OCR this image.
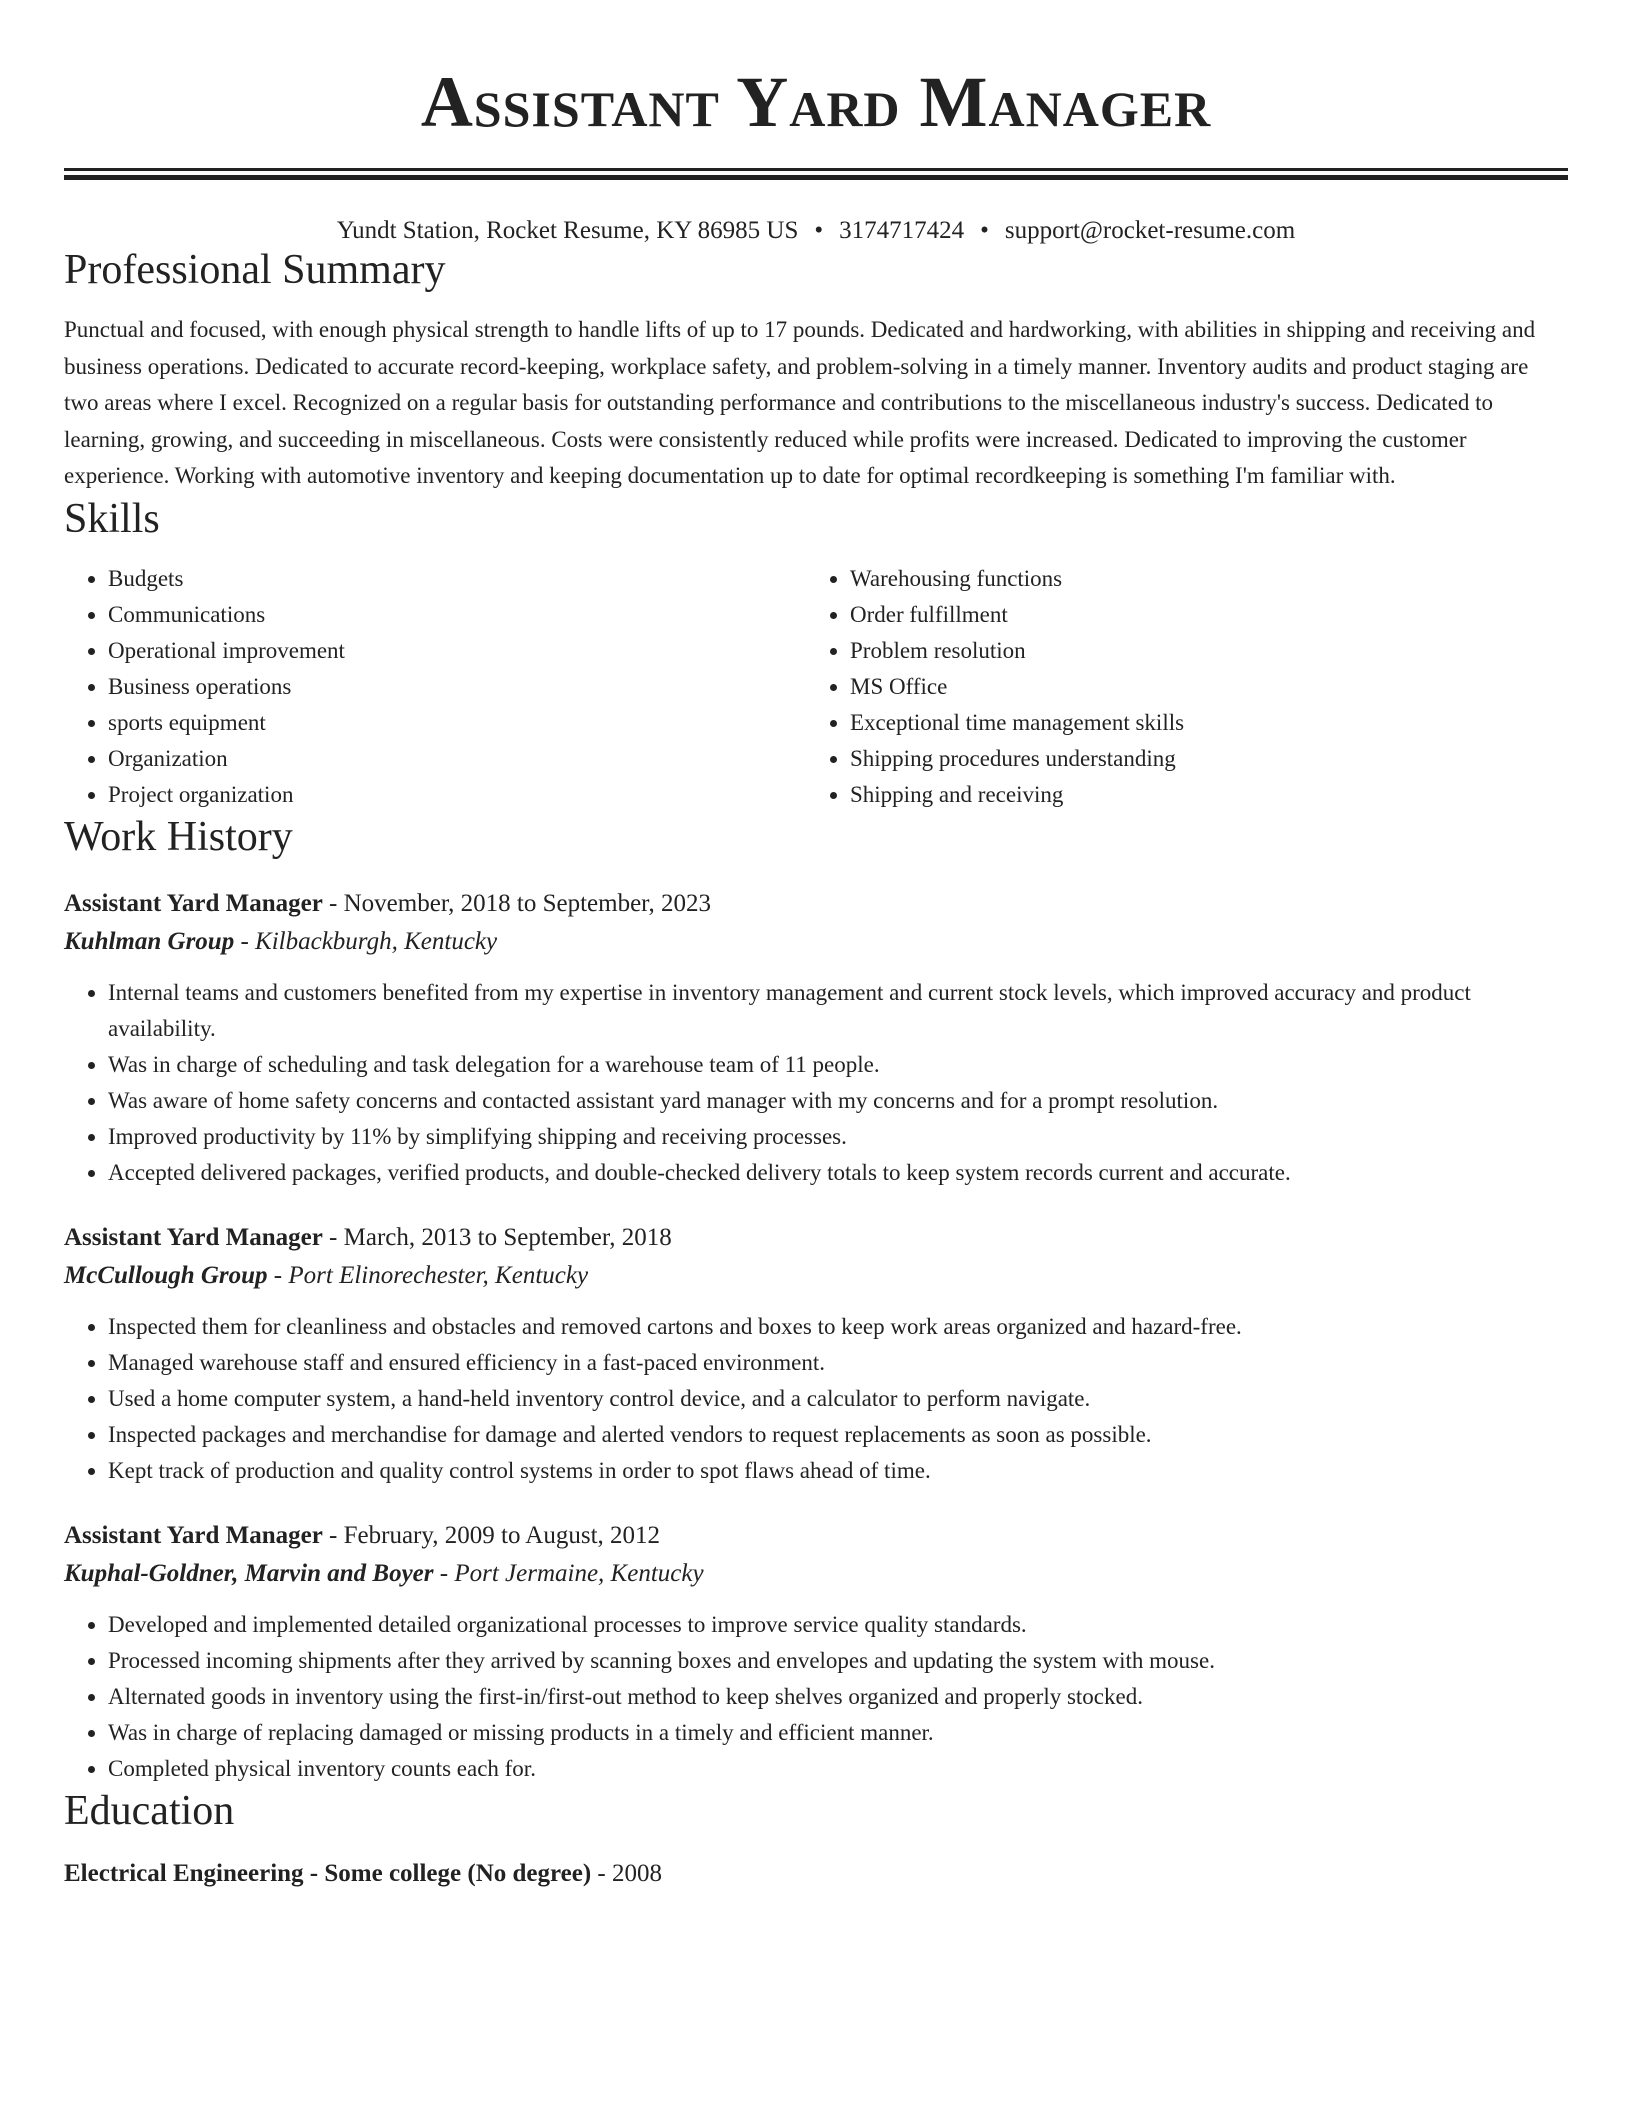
Assistant Yard Manager
Yundt Station, Rocket Resume, KY 86985 US • 3174717424 • support@rocket-resume.com
Professional Summary
Punctual and focused, with enough physical strength to handle lifts of up to 17 pounds. Dedicated and hardworking, with abilities in shipping and receiving and business operations. Dedicated to accurate record-keeping, workplace safety, and problem-solving in a timely manner. Inventory audits and product staging are two areas where I excel. Recognized on a regular basis for outstanding performance and contributions to the miscellaneous industry's success. Dedicated to learning, growing, and succeeding in miscellaneous. Costs were consistently reduced while profits were increased. Dedicated to improving the customer experience. Working with automotive inventory and keeping documentation up to date for optimal recordkeeping is something I'm familiar with.
Skills
• Budgets
• Communications
• Operational improvement
• Business operations
• sports equipment
• Organization
• Project organization
• Warehousing functions
• Order fulfillment
• Problem resolution
• MS Office
• Exceptional time management skills
• Shipping procedures understanding
• Shipping and receiving
Work History
Assistant Yard Manager - November, 2018 to September, 2023
Kuhlman Group - Kilbackburgh, Kentucky
• Internal teams and customers benefited from my expertise in inventory management and current stock levels, which improved accuracy and product availability.
• Was in charge of scheduling and task delegation for a warehouse team of 11 people.
• Was aware of home safety concerns and contacted assistant yard manager with my concerns and for a prompt resolution.
• Improved productivity by 11% by simplifying shipping and receiving processes.
• Accepted delivered packages, verified products, and double-checked delivery totals to keep system records current and accurate.
Assistant Yard Manager - March, 2013 to September, 2018
McCullough Group - Port Elinorechester, Kentucky
• Inspected them for cleanliness and obstacles and removed cartons and boxes to keep work areas organized and hazard-free.
• Managed warehouse staff and ensured efficiency in a fast-paced environment.
• Used a home computer system, a hand-held inventory control device, and a calculator to perform navigate.
• Inspected packages and merchandise for damage and alerted vendors to request replacements as soon as possible.
• Kept track of production and quality control systems in order to spot flaws ahead of time.
Assistant Yard Manager - February, 2009 to August, 2012
Kuphal-Goldner, Marvin and Boyer - Port Jermaine, Kentucky
• Developed and implemented detailed organizational processes to improve service quality standards.
• Processed incoming shipments after they arrived by scanning boxes and envelopes and updating the system with mouse.
• Alternated goods in inventory using the first-in/first-out method to keep shelves organized and properly stocked.
• Was in charge of replacing damaged or missing products in a timely and efficient manner.
• Completed physical inventory counts each for.
Education
Electrical Engineering - Some college (No degree) - 2008
